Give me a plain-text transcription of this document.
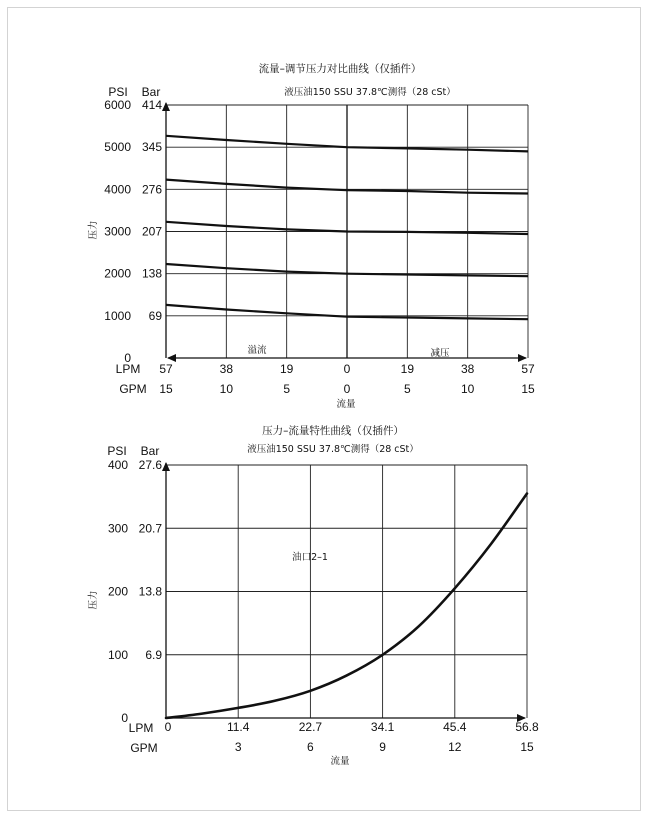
流量–调节压力对比曲线（仅插件）
液压油150 SSU 37.8℃测得（28 cSt）
PSI Bar
压力
6000
5000
4000
3000
2000
1000
0
414
345
276
207
138
69
57	38	19	0	19	38	57
15	10	5	0	5	10	15
LPM
GPM
溢流	减压
流量
压力–流量特性曲线（仅插件）
液压油150 SSU 37.8℃测得（28 cSt）
PSI Bar
压力
400
300
200
100
0
27.6
20.7
13.8
6.9
0	11.4	22.7	34.1	45.4	56.8
3	6	9	12	15
LPM
GPM
油口2–1
流量
